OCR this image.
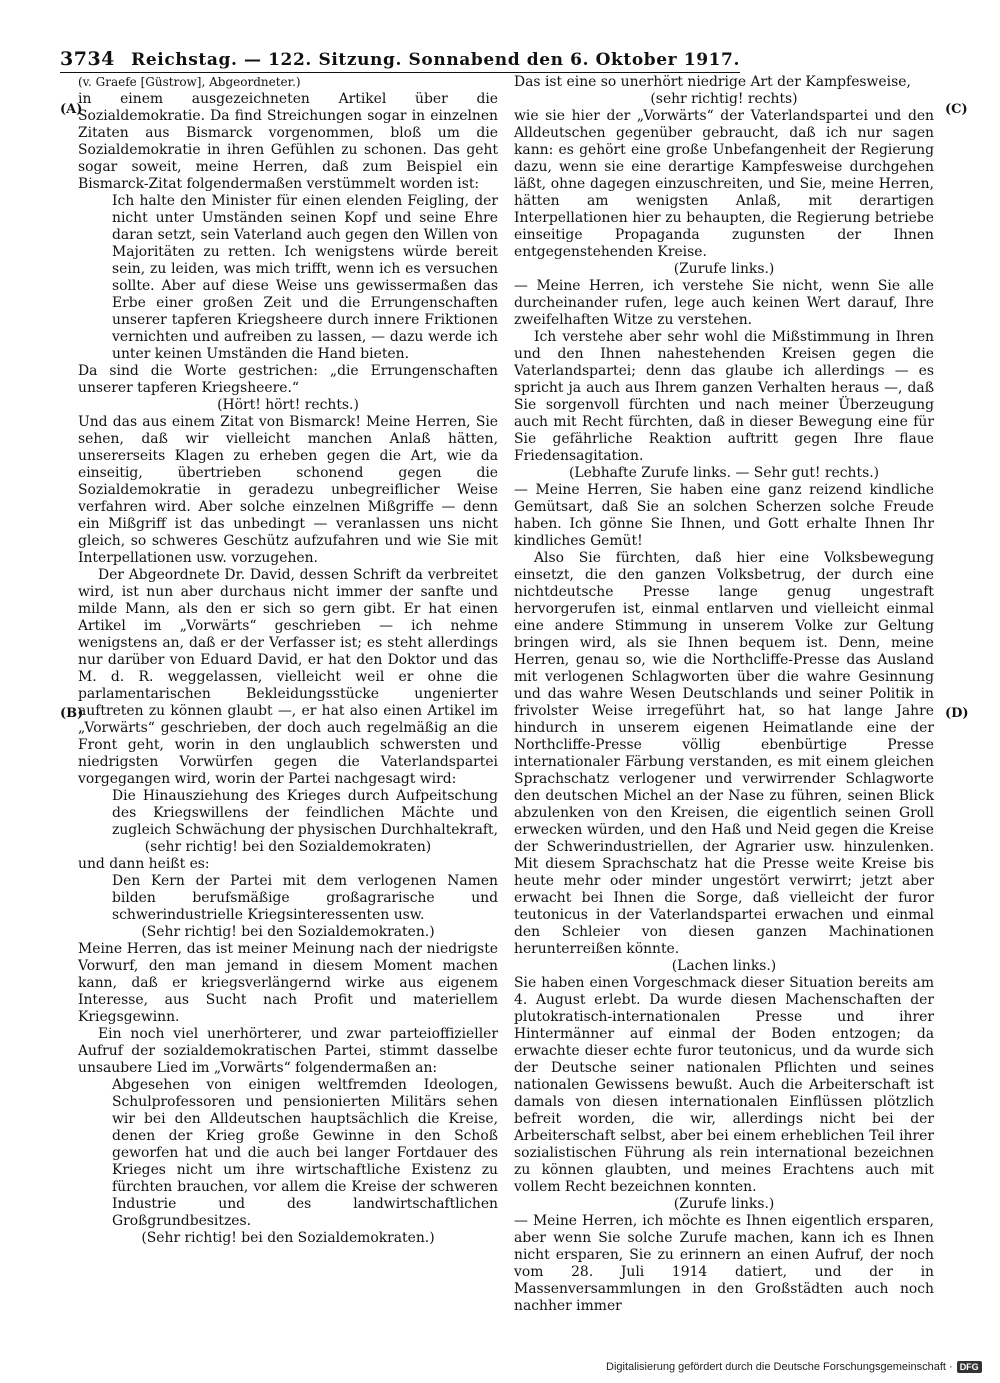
3734 Reichstag. — 122. Sitzung. Sonnabend den 6. Oktober 1917.
(A)
(B)
(C)
(D)

(v. Graefe [Güstrow], Abgeordneter.)

in einem ausgezeichneten Artikel über die Sozialdemokratie. Da find Streichungen sogar in einzelnen Zitaten aus Bismarck vorgenommen, bloß um die Sozialdemokratie in ihren Gefühlen zu schonen. Das geht sogar soweit, meine Herren, daß zum Beispiel ein Bismarck-Zitat folgendermaßen verstümmelt worden ist:

Ich halte den Minister für einen elenden Feigling, der nicht unter Umständen seinen Kopf und seine Ehre daran setzt, sein Vaterland auch gegen den Willen von Majoritäten zu retten. Ich wenigstens würde bereit sein, zu leiden, was mich trifft, wenn ich es versuchen sollte. Aber auf diese Weise uns gewissermaßen das Erbe einer großen Zeit und die Errungenschaften unserer tapferen Kriegsheere durch innere Friktionen vernichten und aufreiben zu lassen, — dazu werde ich unter keinen Umständen die Hand bieten.

Da sind die Worte gestrichen: „die Errungenschaften unserer tapferen Kriegsheere.“

(Hört! hört! rechts.)

Und das aus einem Zitat von Bismarck! Meine Herren, Sie sehen, daß wir vielleicht manchen Anlaß hätten, unsererseits Klagen zu erheben gegen die Art, wie da einseitig, übertrieben schonend gegen die Sozialdemokratie in geradezu unbegreiflicher Weise verfahren wird. Aber solche einzelnen Mißgriffe — denn ein Mißgriff ist das unbedingt — veranlassen uns nicht gleich, so schweres Geschütz aufzufahren und wie Sie mit Interpellationen usw. vorzugehen.

Der Abgeordnete Dr. David, dessen Schrift da verbreitet wird, ist nun aber durchaus nicht immer der sanfte und milde Mann, als den er sich so gern gibt. Er hat einen Artikel im „Vorwärts“ geschrieben — ich nehme wenigstens an, daß er der Verfasser ist; es steht allerdings nur darüber von Eduard David, er hat den Doktor und das M. d. R. weggelassen, vielleicht weil er ohne die parlamentarischen Bekleidungsstücke ungenierter auftreten zu können glaubt —, er hat also einen Artikel im „Vorwärts“ geschrieben, der doch auch regelmäßig an die Front geht, worin in den unglaublich schwersten und niedrigsten Vorwürfen gegen die Vaterlandspartei vorgegangen wird, worin der Partei nachgesagt wird:

Die Hinausziehung des Krieges durch Aufpeitschung des Kriegswillens der feindlichen Mächte und zugleich Schwächung der physischen Durchhaltekraft,

(sehr richtig! bei den Sozialdemokraten)

und dann heißt es:

Den Kern der Partei mit dem verlogenen Namen bilden berufsmäßige großagrarische und schwerindustrielle Kriegsinteressenten usw.

(Sehr richtig! bei den Sozialdemokraten.)

Meine Herren, das ist meiner Meinung nach der niedrigste Vorwurf, den man jemand in diesem Moment machen kann, daß er kriegsverlängernd wirke aus eigenem Interesse, aus Sucht nach Profit und materiellem Kriegsgewinn.

Ein noch viel unerhörterer, und zwar parteioffizieller Aufruf der sozialdemokratischen Partei, stimmt dasselbe unsaubere Lied im „Vorwärts“ folgendermaßen an:

Abgesehen von einigen weltfremden Ideologen, Schulprofessoren und pensionierten Militärs sehen wir bei den Alldeutschen hauptsächlich die Kreise, denen der Krieg große Gewinne in den Schoß geworfen hat und die auch bei langer Fortdauer des Krieges nicht um ihre wirtschaftliche Existenz zu fürchten brauchen, vor allem die Kreise der schweren Industrie und des landwirtschaftlichen Großgrundbesitzes.

(Sehr richtig! bei den Sozialdemokraten.)

Das ist eine so unerhört niedrige Art der Kampfesweise,

(sehr richtig! rechts)

wie sie hier der „Vorwärts“ der Vaterlandspartei und den Alldeutschen gegenüber gebraucht, daß ich nur sagen kann: es gehört eine große Unbefangenheit der Regierung dazu, wenn sie eine derartige Kampfesweise durchgehen läßt, ohne dagegen einzuschreiten, und Sie, meine Herren, hätten am wenigsten Anlaß, mit derartigen Interpellationen hier zu behaupten, die Regierung betriebe einseitige Propaganda zugunsten der Ihnen entgegenstehenden Kreise.

(Zurufe links.)

— Meine Herren, ich verstehe Sie nicht, wenn Sie alle durcheinander rufen, lege auch keinen Wert darauf, Ihre zweifelhaften Witze zu verstehen.

Ich verstehe aber sehr wohl die Mißstimmung in Ihren und den Ihnen nahestehenden Kreisen gegen die Vaterlandspartei; denn das glaube ich allerdings — es spricht ja auch aus Ihrem ganzen Verhalten heraus —, daß Sie sorgenvoll fürchten und nach meiner Überzeugung auch mit Recht fürchten, daß in dieser Bewegung eine für Sie gefährliche Reaktion auftritt gegen Ihre flaue Friedensagitation.

(Lebhafte Zurufe links. — Sehr gut! rechts.)

— Meine Herren, Sie haben eine ganz reizend kindliche Gemütsart, daß Sie an solchen Scherzen solche Freude haben. Ich gönne Sie Ihnen, und Gott erhalte Ihnen Ihr kindliches Gemüt!

Also Sie fürchten, daß hier eine Volksbewegung einsetzt, die den ganzen Volksbetrug, der durch eine nichtdeutsche Presse lange genug ungestraft hervorgerufen ist, einmal entlarven und vielleicht einmal eine andere Stimmung in unserem Volke zur Geltung bringen wird, als sie Ihnen bequem ist. Denn, meine Herren, genau so, wie die Northcliffe-Presse das Ausland mit verlogenen Schlagworten über die wahre Gesinnung und das wahre Wesen Deutschlands und seiner Politik in frivolster Weise irregeführt hat, so hat lange Jahre hindurch in unserem eigenen Heimatlande eine der Northcliffe-Presse völlig ebenbürtige Presse internationaler Färbung verstanden, es mit einem gleichen Sprachschatz verlogener und verwirrender Schlagworte den deutschen Michel an der Nase zu führen, seinen Blick abzulenken von den Kreisen, die eigentlich seinen Groll erwecken würden, und den Haß und Neid gegen die Kreise der Schwerindustriellen, der Agrarier usw. hinzulenken. Mit diesem Sprachschatz hat die Presse weite Kreise bis heute mehr oder minder ungestört verwirrt; jetzt aber erwacht bei Ihnen die Sorge, daß vielleicht der furor teutonicus in der Vaterlandspartei erwachen und einmal den Schleier von diesen ganzen Machinationen herunterreißen könnte.

(Lachen links.)

Sie haben einen Vorgeschmack dieser Situation bereits am 4. August erlebt. Da wurde diesen Machenschaften der plutokratisch-internationalen Presse und ihrer Hintermänner auf einmal der Boden entzogen; da erwachte dieser echte furor teutonicus, und da wurde sich der Deutsche seiner nationalen Pflichten und seines nationalen Gewissens bewußt. Auch die Arbeiterschaft ist damals von diesen internationalen Einflüssen plötzlich befreit worden, die wir, allerdings nicht bei der Arbeiterschaft selbst, aber bei einem erheblichen Teil ihrer sozialistischen Führung als rein international bezeichnen zu können glaubten, und meines Erachtens auch mit vollem Recht bezeichnen konnten.

(Zurufe links.)

— Meine Herren, ich möchte es Ihnen eigentlich ersparen, aber wenn Sie solche Zurufe machen, kann ich es Ihnen nicht ersparen, Sie zu erinnern an einen Aufruf, der noch vom 28. Juli 1914 datiert, und der in Massenversammlungen in den Großstädten auch noch nachher immer

Digitalisierung gefördert durch die Deutsche Forschungsgemeinschaft · DFG
